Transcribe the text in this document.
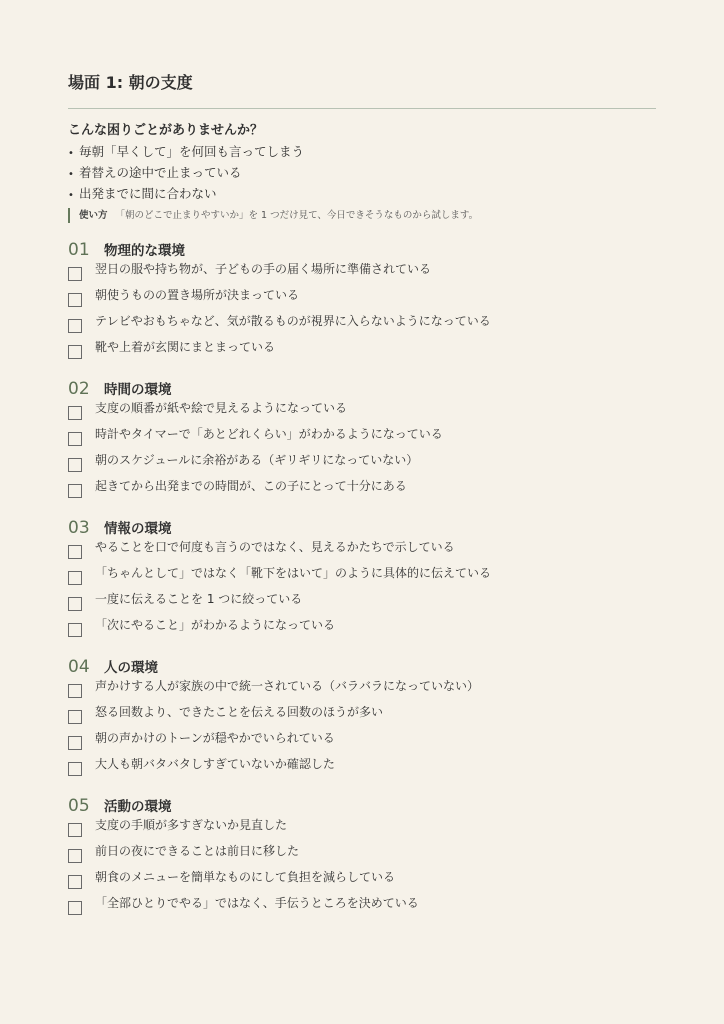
場面 1: 朝の支度
こんな困りごとがありませんか？
• 毎朝「早くして」を何回も言ってしまう
• 着替えの途中で止まっている
• 出発までに間に合わない
使い方 「朝のどこで止まりやすいか」を 1 つだけ見て、今日できそうなものから試します。
01 物理的な環境
翌日の服や持ち物が、子どもの手の届く場所に準備されている
朝使うものの置き場所が決まっている
テレビやおもちゃなど、気が散るものが視界に入らないようになっている
靴や上着が玄関にまとまっている
02 時間の環境
支度の順番が紙や絵で見えるようになっている
時計やタイマーで「あとどれくらい」がわかるようになっている
朝のスケジュールに余裕がある（ギリギリになっていない）
起きてから出発までの時間が、この子にとって十分にある
03 情報の環境
やることを口で何度も言うのではなく、見えるかたちで示している
「ちゃんとして」ではなく「靴下をはいて」のように具体的に伝えている
一度に伝えることを 1 つに絞っている
「次にやること」がわかるようになっている
04 人の環境
声かけする人が家族の中で統一されている（バラバラになっていない）
怒る回数より、できたことを伝える回数のほうが多い
朝の声かけのトーンが穏やかでいられている
大人も朝バタバタしすぎていないか確認した
05 活動の環境
支度の手順が多すぎないか見直した
前日の夜にできることは前日に移した
朝食のメニューを簡単なものにして負担を減らしている
「全部ひとりでやる」ではなく、手伝うところを決めている
